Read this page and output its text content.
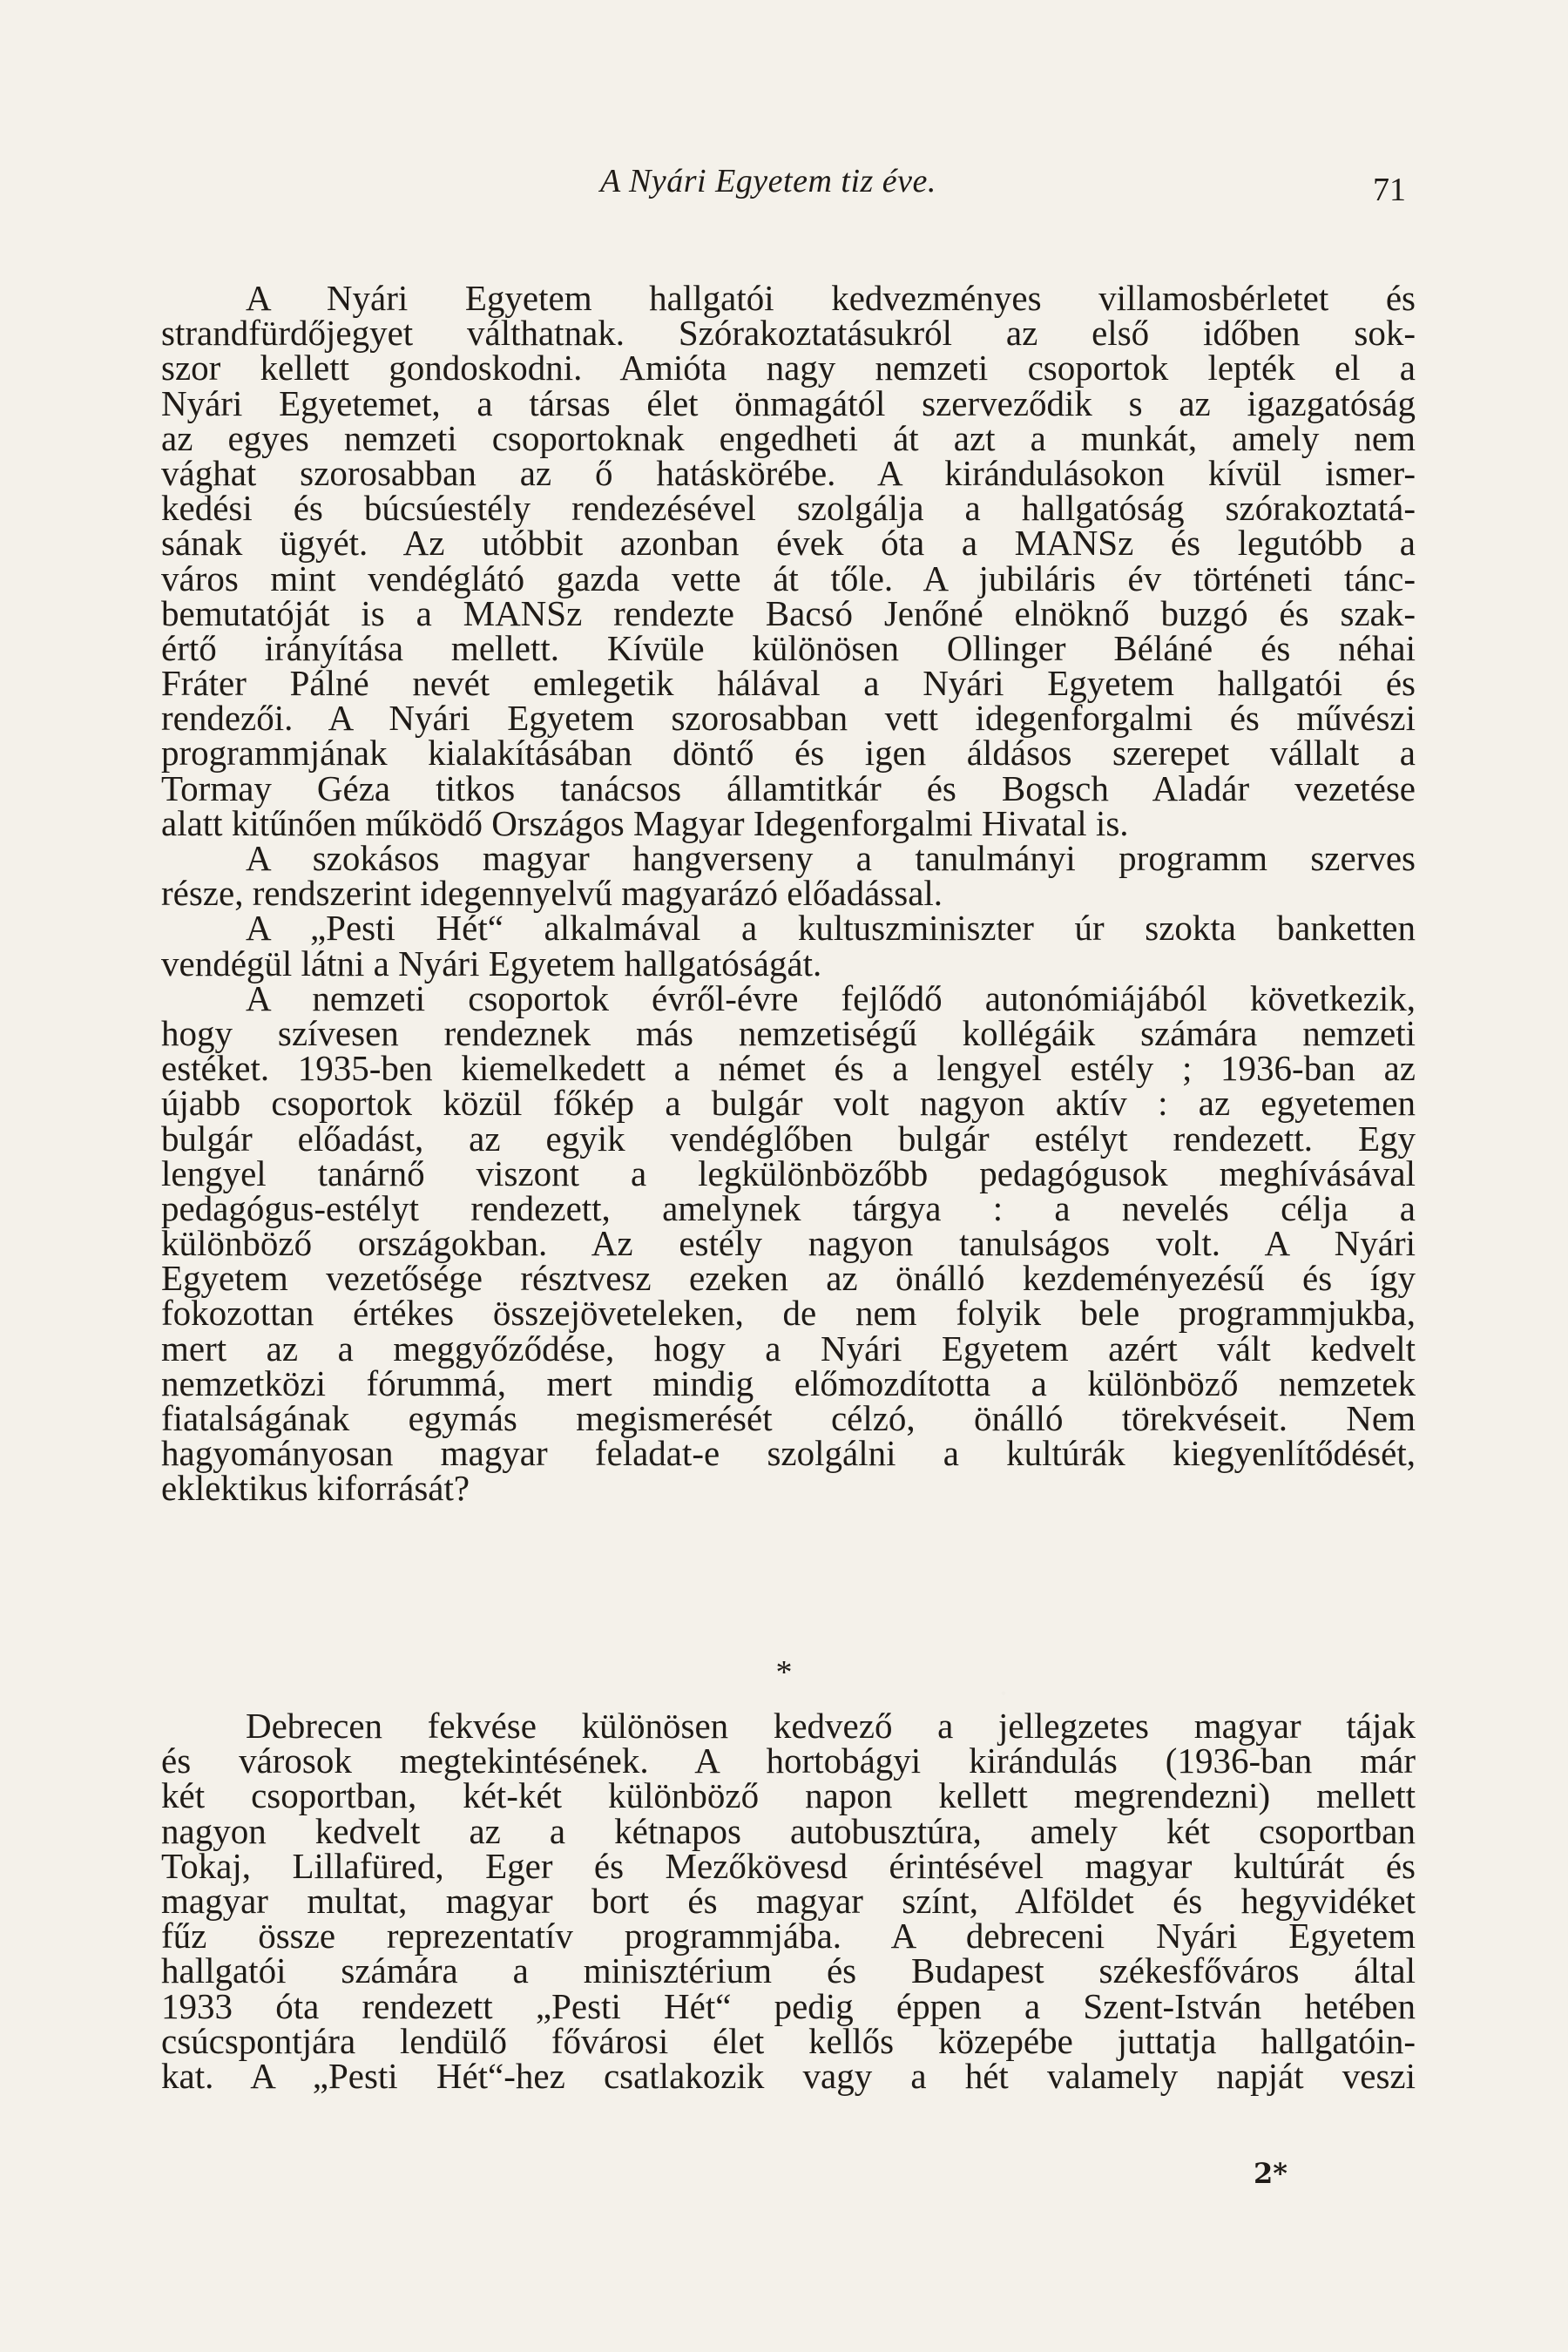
A Nyári Egyetem tiz éve.	71
A Nyári Egyetem hallgatói kedvezményes villamosbérletet és
strandfürdőjegyet válthatnak. Szórakoztatásukról az első időben sok-
szor kellett gondoskodni. Amióta nagy nemzeti csoportok lepték el a
Nyári Egyetemet, a társas élet önmagától szerveződik s az igazgatóság
az egyes nemzeti csoportoknak engedheti át azt a munkát, amely nem
vághat szorosabban az ő hatáskörébe. A kirándulásokon kívül ismer-
kedési és búcsúestély rendezésével szolgálja a hallgatóság szórakoztatá-
sának ügyét. Az utóbbit azonban évek óta a MANSz és legutóbb a
város mint vendéglátó gazda vette át tőle. A jubiláris év történeti tánc-
bemutatóját is a MANSz rendezte Bacsó Jenőné elnöknő buzgó és szak-
értő irányítása mellett. Kívüle különösen Ollinger Béláné és néhai
Fráter Pálné nevét emlegetik hálával a Nyári Egyetem hallgatói és
rendezői. A Nyári Egyetem szorosabban vett idegenforgalmi és művészi
programmjának kialakításában döntő és igen áldásos szerepet vállalt a
Tormay Géza titkos tanácsos államtitkár és Bogsch Aladár vezetése
alatt kitűnően működő Országos Magyar Idegenforgalmi Hivatal is.
A szokásos magyar hangverseny a tanulmányi programm szerves
része, rendszerint idegennyelvű magyarázó előadással.
A „Pesti Hét“ alkalmával a kultuszminiszter úr szokta banketten
vendégül látni a Nyári Egyetem hallgatóságát.
A nemzeti csoportok évről-évre fejlődő autonómiájából következik,
hogy szívesen rendeznek más nemzetiségű kollégáik számára nemzeti
estéket. 1935-ben kiemelkedett a német és a lengyel estély ; 1936-ban az
újabb csoportok közül főkép a bulgár volt nagyon aktív : az egyetemen
bulgár előadást, az egyik vendéglőben bulgár estélyt rendezett. Egy
lengyel tanárnő viszont a legkülönbözőbb pedagógusok meghívásával
pedagógus-estélyt rendezett, amelynek tárgya : a nevelés célja a
különböző országokban. Az estély nagyon tanulságos volt. A Nyári
Egyetem vezetősége résztvesz ezeken az önálló kezdeményezésű és így
fokozottan értékes összejöveteleken, de nem folyik bele programmjukba,
mert az a meggyőződése, hogy a Nyári Egyetem azért vált kedvelt
nemzetközi fórummá, mert mindig előmozdította a különböző nemzetek
fiatalságának egymás megismerését célzó, önálló törekvéseit. Nem
hagyományosan magyar feladat-e szolgálni a kultúrák kiegyenlítődését,
eklektikus kiforrását?
*
Debrecen fekvése különösen kedvező a jellegzetes magyar tájak
és városok megtekintésének. A hortobágyi kirándulás (1936-ban már
két csoportban, két-két különböző napon kellett megrendezni) mellett
nagyon kedvelt az a kétnapos autobusztúra, amely két csoportban
Tokaj, Lillafüred, Eger és Mezőkövesd érintésével magyar kultúrát és
magyar multat, magyar bort és magyar színt, Alföldet és hegyvidéket
fűz össze reprezentatív programmjába. A debreceni Nyári Egyetem
hallgatói számára a minisztérium és Budapest székesfőváros által
1933 óta rendezett „Pesti Hét“ pedig éppen a Szent-István hetében
csúcspontjára lendülő fővárosi élet kellős közepébe juttatja hallgatóin-
kat. A „Pesti Hét“-hez csatlakozik vagy a hét valamely napját veszi
2*
